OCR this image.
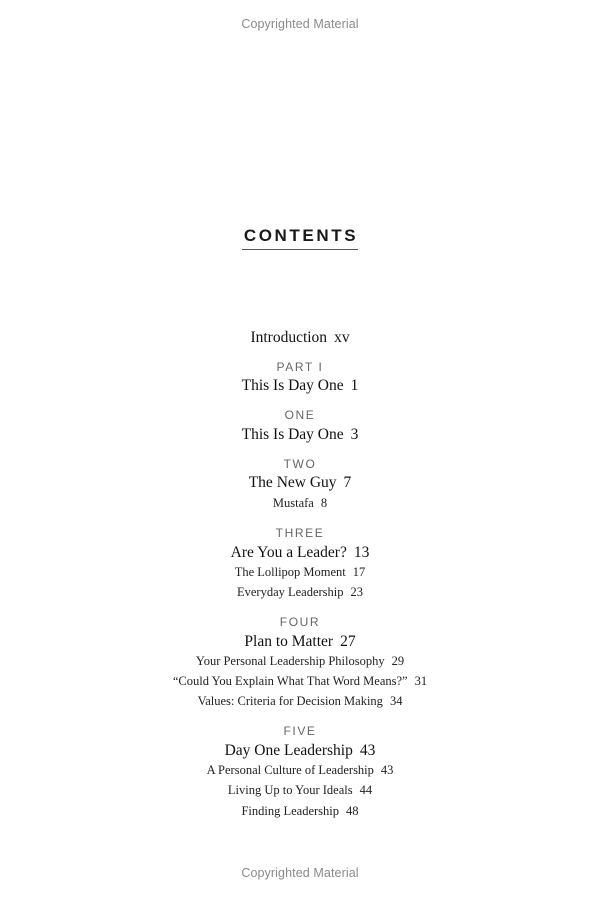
Copyrighted Material
CONTENTS
Introduction xv
PART I
This Is Day One 1
ONE
This Is Day One 3
TWO
The New Guy 7
Mustafa 8
THREE
Are You a Leader? 13
The Lollipop Moment 17
Everyday Leadership 23
FOUR
Plan to Matter 27
Your Personal Leadership Philosophy 29
“Could You Explain What That Word Means?” 31
Values: Criteria for Decision Making 34
FIVE
Day One Leadership 43
A Personal Culture of Leadership 43
Living Up to Your Ideals 44
Finding Leadership 48
Copyrighted Material
